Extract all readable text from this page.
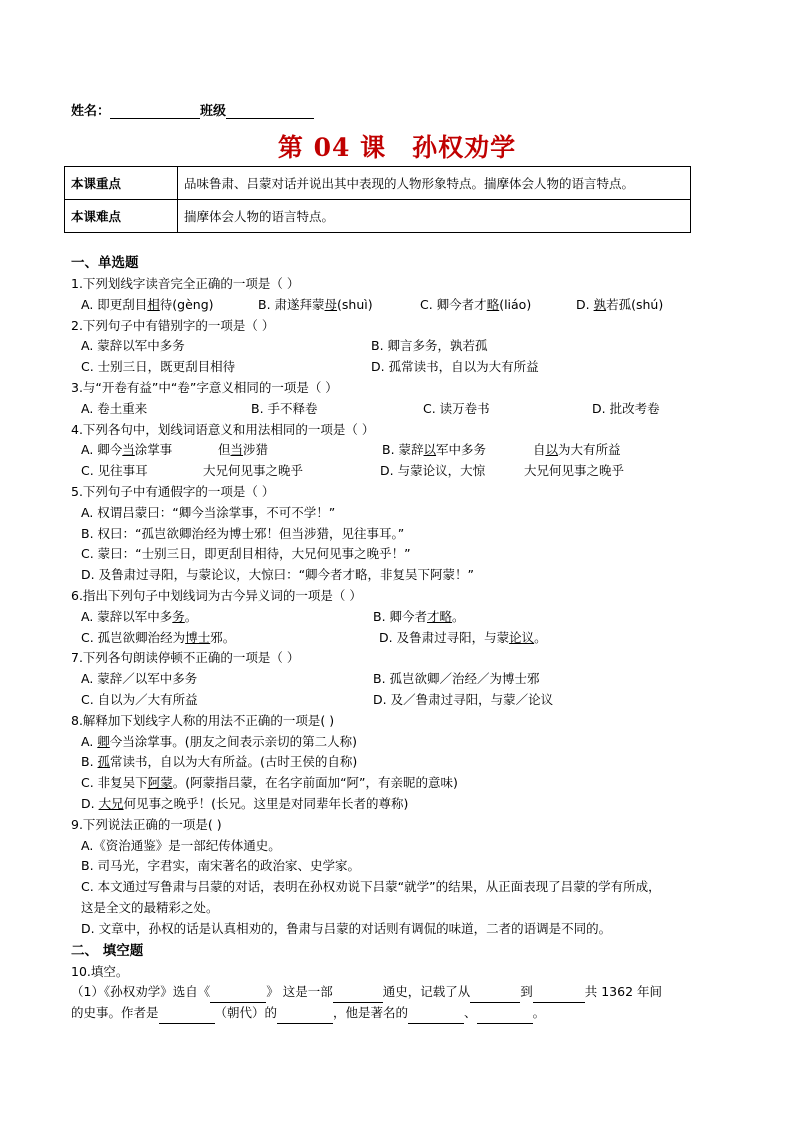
姓名：	班级
第 04 课 孙权劝学
本课重点	品味鲁肃、吕蒙对话并说出其中表现的人物形象特点。揣摩体会人物的语言特点。
本课难点	揣摩体会人物的语言特点。
一、单选题
1.下列划线字读音完全正确的一项是（ ）
A. 即更刮目相待(gèng)	B. 肃遂拜蒙母(shuì)	C. 卿今者才略(liáo)	D. 孰若孤(shú)
2.下列句子中有错别字的一项是（ ）
A. 蒙辞以军中多务	B. 卿言多务，孰若孤
C. 士别三日，既更刮目相待	D. 孤常读书，自以为大有所益
3.与“开卷有益”中“卷”字意义相同的一项是（ ）
A. 卷土重来	B. 手不释卷	C. 读万卷书	D. 批改考卷
4.下列各句中，划线词语意义和用法相同的一项是（ ）
A. 卿今当涂掌事	但当涉猎	B. 蒙辞以军中多务	自以为大有所益
C. 见往事耳	大兄何见事之晚乎	D. 与蒙论议，大惊	大兄何见事之晚乎
5.下列句子中有通假字的一项是（ ）
A. 权谓吕蒙曰：“卿今当涂掌事，不可不学！”
B. 权曰：“孤岂欲卿治经为博士邪！但当涉猎，见往事耳。”
C. 蒙曰：“士别三日，即更刮目相待，大兄何见事之晚乎！”
D. 及鲁肃过寻阳，与蒙论议，大惊曰：“卿今者才略，非复吴下阿蒙！”
6.指出下列句子中划线词为古今异义词的一项是（ ）
A. 蒙辞以军中多务。	B. 卿今者才略。
C. 孤岂欲卿治经为博士邪。	D. 及鲁肃过寻阳，与蒙论议。
7.下列各句朗读停顿不正确的一项是（ ）
A. 蒙辞／以军中多务	B. 孤岂欲卿／治经／为博士邪
C. 自以为／大有所益	D. 及／鲁肃过寻阳，与蒙／论议
8.解释加下划线字人称的用法不正确的一项是( )
A. 卿今当涂掌事。(朋友之间表示亲切的第二人称)
B. 孤常读书，自以为大有所益。(古时王侯的自称)
C. 非复吴下阿蒙。(阿蒙指吕蒙，在名字前面加“阿”，有亲昵的意味)
D. 大兄何见事之晚乎！(长兄。这里是对同辈年长者的尊称)
9.下列说法正确的一项是( )
A.《资治通鉴》是一部纪传体通史。
B. 司马光，字君实，南宋著名的政治家、史学家。
C. 本文通过写鲁肃与吕蒙的对话，表明在孙权劝说下吕蒙“就学”的结果，从正面表现了吕蒙的学有所成，
这是全文的最精彩之处。
D. 文章中，孙权的话是认真相劝的，鲁肃与吕蒙的对话则有调侃的味道，二者的语调是不同的。
二、 填空题
10.填空。
（1）《孙权劝学》选自《	》 这是一部	通史，记载了从	到	共 1362 年间
的史事。作者是	（朝代）的	，他是著名的	、	。
